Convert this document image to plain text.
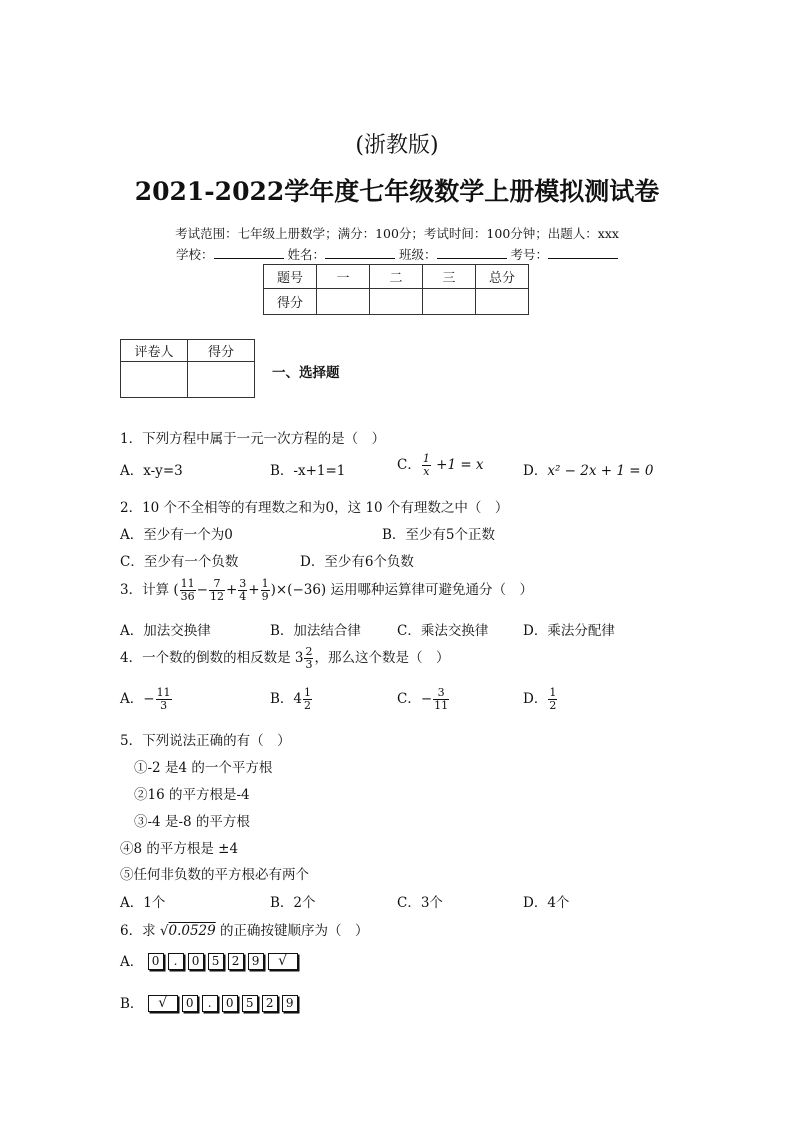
(浙教版)
2021-2022学年度七年级数学上册模拟测试卷
考试范围：七年级上册数学；满分：100分；考试时间：100分钟；出题人：xxx
学校：	姓名：	班级：	考号：
题号	一	二	三	总分
得分				
评卷人	得分

一、选择题
1．下列方程中属于一元一次方程的是（　）
A．x-y=3	B．-x+1=1	C． $\frac{1}{x} +1 = x$	D．x² − 2x + 1 = 0
2．10 个不全相等的有理数之和为0，这 10 个有理数之中（　）
A．至少有一个为0	B．至少有5个正数
C．至少有一个负数	D．至少有6个负数
3．计算 ( $\frac{11}{36} - \frac{7}{12} + \frac{3}{4} + \frac{1}{9} )\times(-36)$ 运用哪种运算律可避免通分（　）
A．加法交换律	B．加法结合律	C．乘法交换律	D．乘法分配律
4．一个数的倒数的相反数是 $3 \frac{2}{3}$ ，那么这个数是（　）
A．− $\frac{11}{3}$	B．$4 \frac{1}{2}$	C．− $\frac{3}{11}$	D． $\frac{1}{2}$
5．下列说法正确的有（　）
①-2 是4 的一个平方根
②16 的平方根是-4
③-4 是-8 的平方根
④8 的平方根是 ±4
⑤任何非负数的平方根必有两个
A．1个	B．2个	C．3个	D．4个
6．求 √0.0529 的正确按键顺序为（　）
A． 0	.	0	5	2	9	√
B．	√	0	.	0	5	2	9
